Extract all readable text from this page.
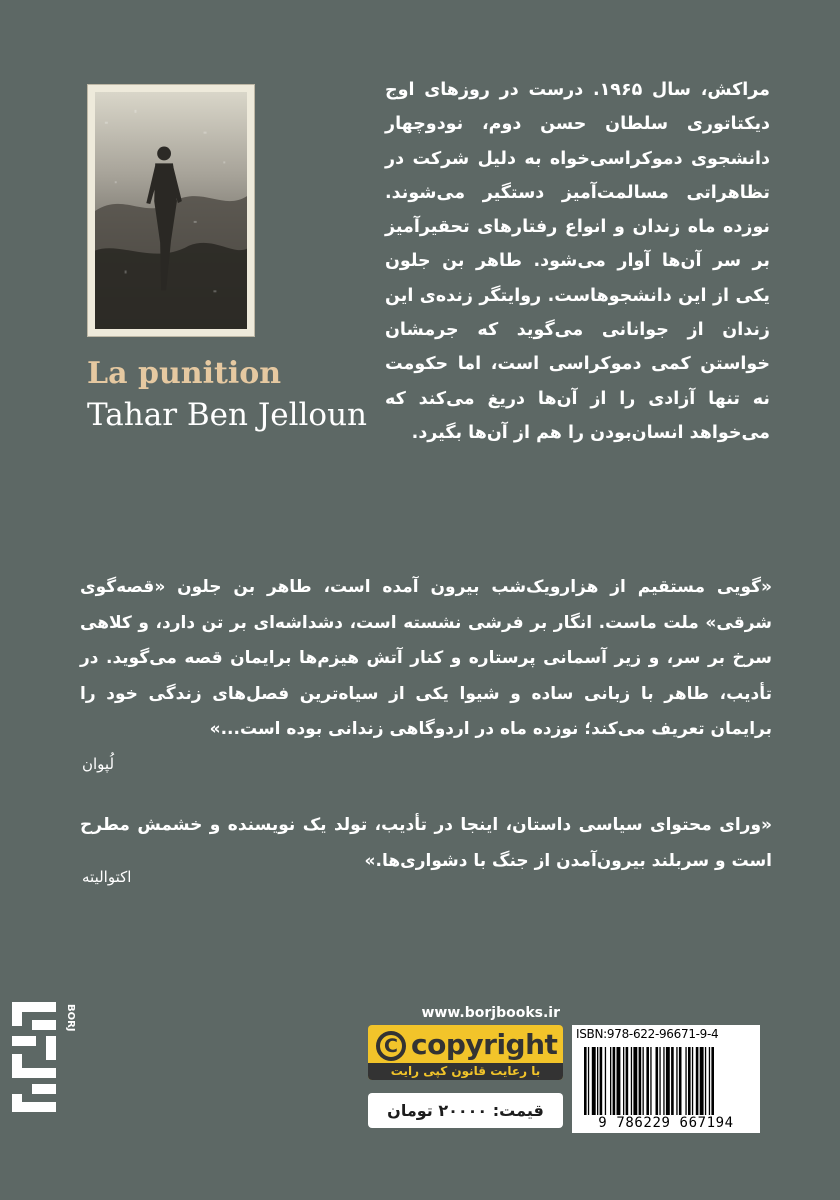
La punition
Tahar Ben Jelloun

مراکش، سال ۱۹۶۵. درست در روزهای اوج دیکتاتوری سلطان حسن دوم، نودوچهار دانشجوی دموکراسی‌خواه به دلیل شرکت در تظاهراتی مسالمت‌آمیز دستگیر می‌شوند. نوزده ماه زندان و انواع رفتارهای تحقیرآمیز بر سر آن‌ها آوار می‌شود. طاهر بن جلون یکی از این دانشجوهاست. روایتگر زنده‌ی این زندان از جوانانی می‌گوید که جرمشان خواستن کمی دموکراسی است، اما حکومت نه تنها آزادی را از آن‌ها دریغ می‌کند که می‌خواهد انسان‌بودن را هم از آن‌ها بگیرد.

«گویی مستقیم از هزارویک‌شب بیرون آمده است، طاهر بن جلون «قصه‌گوی شرقی» ملت ماست. انگار بر فرشی نشسته است، دشداشه‌ای بر تن دارد، و کلاهی سرخ بر سر، و زیر آسمانی پرستاره و کنار آتش هیزم‌ها برایمان قصه می‌گوید. در تأدیب، طاهر با زبانی ساده و شیوا یکی از سیاه‌ترین فصل‌های زندگی خود را برایمان تعریف می‌کند؛ نوزده ماه در اردوگاهی زندانی بوده است...»

لُپوان

«ورای محتوای سیاسی داستان، اینجا در تأدیب، تولد یک نویسنده و خشمش مطرح است و سربلند بیرون‌آمدن از جنگ با دشواری‌ها.»

اکتوالیته
BORJ	www.borjbooks.ir
C copyright
با رعایت قانون کپی رایت
قیمت: ۲۰۰۰۰ تومان
ISBN:978-622-96671-9-4
9 786229 667194
